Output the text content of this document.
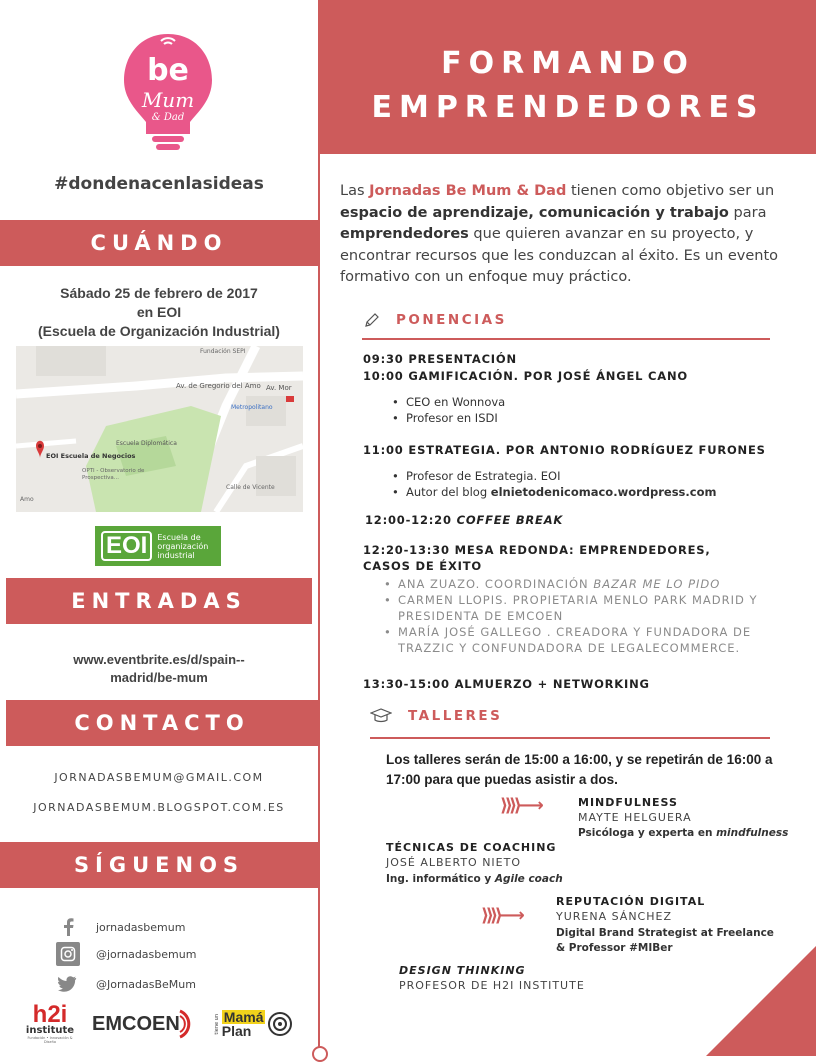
be
Mum
& Dad
#dondenacenlasideas
CUÁNDO
Sábado 25 de febrero de 2017
en EOI
(Escuela de Organización Industrial)
Fundación SEPI
Av. de Gregorio del Amo Av. Mor
Metropolitano
Escuela Diplomática
EOI Escuela de Negocios
OPTI - Observatorio de Prospectiva...
Calle de Vicente
Amo
EOI	Escuela de
organización
industrial
ENTRADAS
www.eventbrite.es/d/spain--
madrid/be-mum
CONTACTO
JORNADASBEMUM@GMAIL.COM
JORNADASBEMUM.BLOGSPOT.COM.ES
SÍGUENOS
jornadasbemum
@jornadasbemum
@JornadasBeMum
h2i
institute
Fundación • Innovación & Diseño
EMCOEN	tiene un Mamá
Plan
FORMANDO
EMPRENDEDORES
Las Jornadas Be Mum & Dad tienen como objetivo ser un espacio de aprendizaje, comunicación y trabajo para emprendedores que quieren avanzar en su proyecto, y encontrar recursos que les conduzcan al éxito. Es un evento formativo con un enfoque muy práctico.
PONENCIAS
09:30 PRESENTACIÓN
10:00 GAMIFICACIÓN. POR JOSÉ ÁNGEL CANO
• CEO en Wonnova
• Profesor en ISDI
11:00 ESTRATEGIA. POR ANTONIO RODRÍGUEZ FURONES
• Profesor de Estrategia. EOI
• Autor del blog elnietodenicomaco.wordpress.com
12:00-12:20 COFFEE BREAK
12:20-13:30 MESA REDONDA: EMPRENDEDORES, CASOS DE ÉXITO
• ANA ZUAZO. COORDINACIÓN BAZAR ME LO PIDO
• CARMEN LLOPIS. PROPIETARIA MENLO PARK MADRID Y PRESIDENTA DE EMCOEN
• MARÍA JOSÉ GALLEGO . CREADORA Y FUNDADORA DE TRAZZIC Y CONFUNDADORA DE LEGALECOMMERCE.
13:30-15:00 ALMUERZO + NETWORKING
TALLERES
Los talleres serán de 15:00 a 16:00, y se repetirán de 16:00 a 17:00 para que puedas asistir a dos.
⟫⟫⟶	MINDFULNESS
MAYTE HELGUERA
Psicóloga y experta en mindfulness
TÉCNICAS DE COACHING
JOSÉ ALBERTO NIETO
Ing. informático y Agile coach
⟫⟫⟶
REPUTACIÓN DIGITAL
YURENA SÁNCHEZ
Digital Brand Strategist at Freelance
& Professor #MIBer
DESIGN THINKING
PROFESOR DE H2I INSTITUTE
